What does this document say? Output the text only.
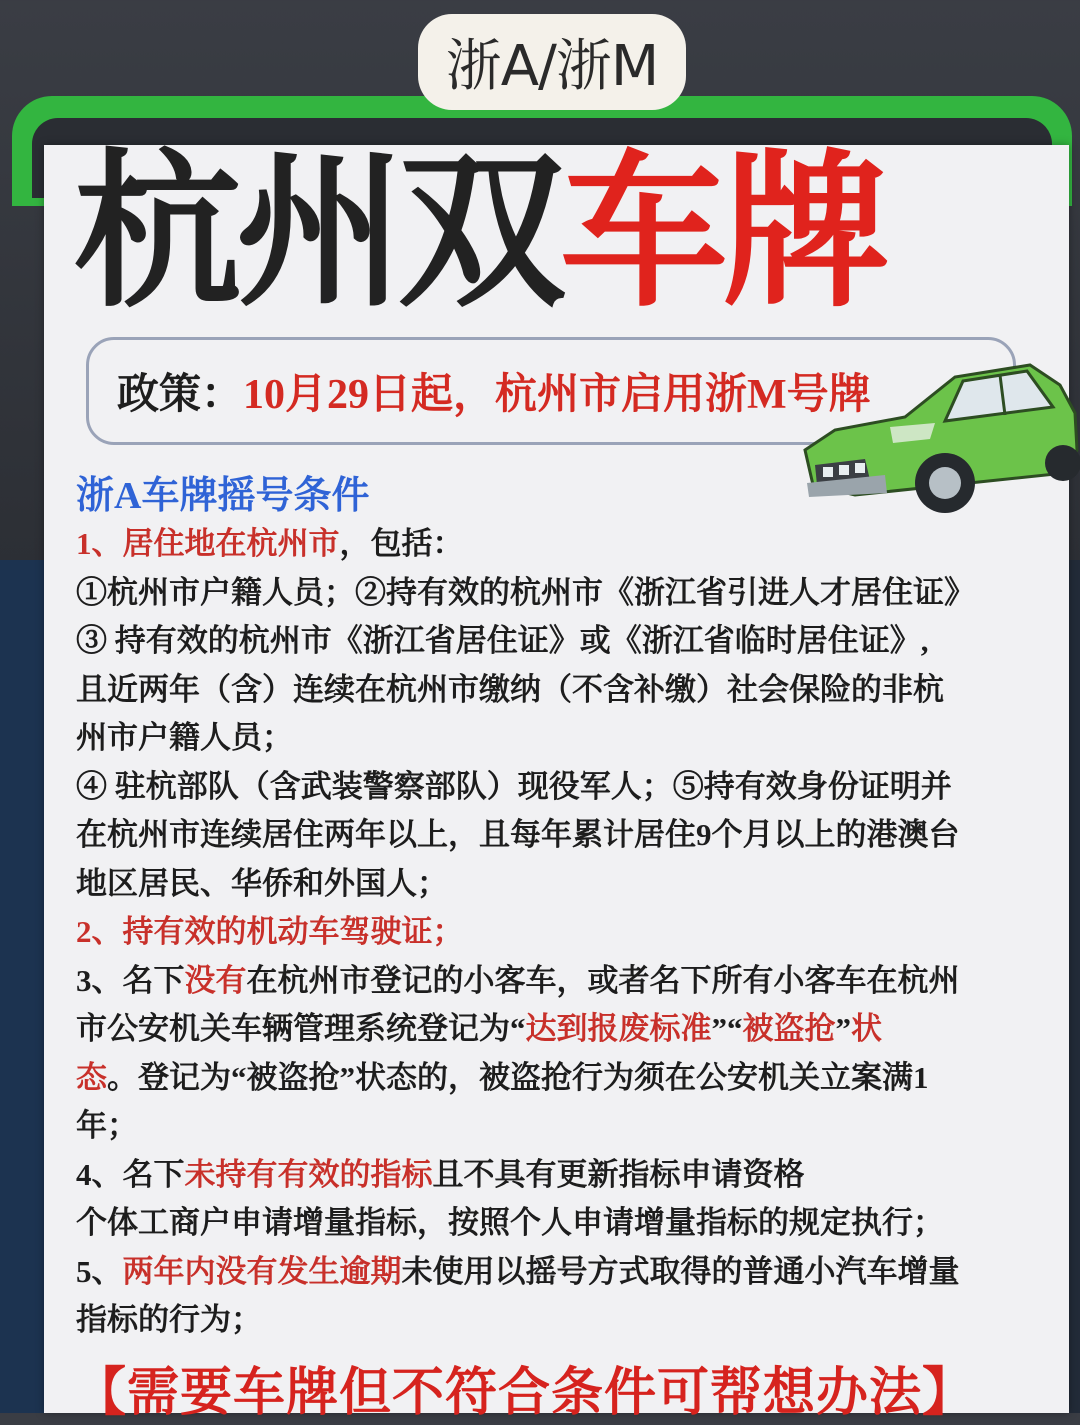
浙A/浙M
杭州双 车牌
政策： 10月29日起，杭州市启用浙M号牌
浙A车牌摇号条件
1、居住地在杭州市，包括：
①杭州市户籍人员；②持有效的杭州市《浙江省引进人才居住证》
③ 持有效的杭州市《浙江省居住证》或《浙江省临时居住证》,
且近两年（含）连续在杭州市缴纳（不含补缴）社会保险的非杭
州市户籍人员；
④ 驻杭部队（含武装警察部队）现役军人；⑤持有效身份证明并
在杭州市连续居住两年以上，且每年累计居住9个月以上的港澳台
地区居民、华侨和外国人；
2、持有效的机动车驾驶证；
3、名下没有在杭州市登记的小客车，或者名下所有小客车在杭州
市公安机关车辆管理系统登记为“达到报废标准”“被盗抢”状
态。登记为“被盗抢”状态的，被盗抢行为须在公安机关立案满1
年；
4、名下未持有有效的指标且不具有更新指标申请资格
个体工商户申请增量指标，按照个人申请增量指标的规定执行；
5、两年内没有发生逾期未使用以摇号方式取得的普通小汽车增量
指标的行为；
【需要车牌但不符合条件可帮想办法】
